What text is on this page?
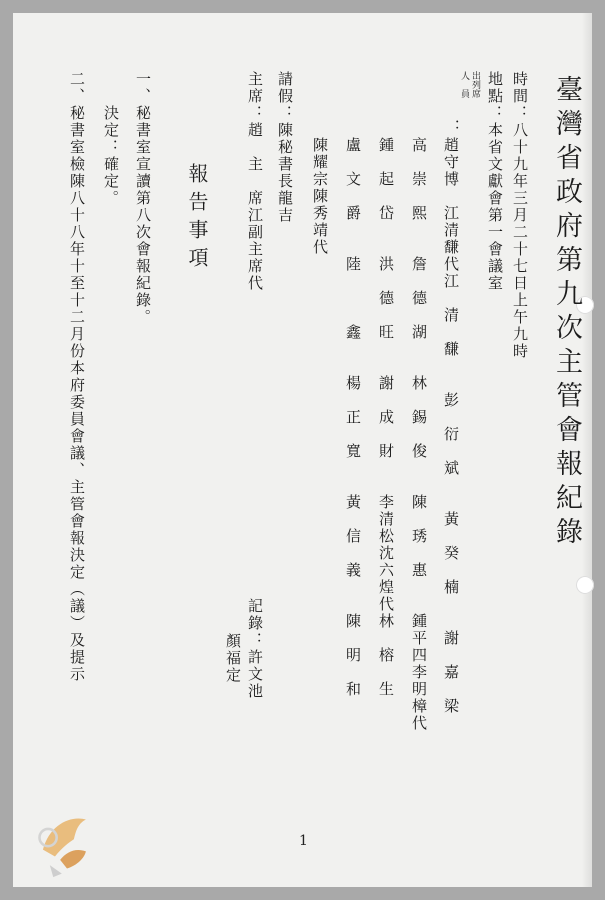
臺灣省政府第九次主管會報紀錄
時間：八十九年三月二十七日上午九時
地點：本省文獻會第一會議室
出列席
人　員
：
趙守博　江清馦代江　清　馦　　彭　衍　斌　　黃　癸　楠　　謝　嘉　梁
高　崇　熙　　詹　德　湖　　林　錫　俊　　陳　琇　惠　　鍾平四李明樟代
鍾　起　岱　　洪　德　旺　　謝　成　財　　李清松沈六煌代林　榕　生
盧　文　爵　　陸　　　鑫　　楊　正　寬　　黃　信　義　　陳　明　和
陳耀宗陳秀靖代
請假：陳秘書長龍吉
主席：趙　主　席江副主席代
記錄：許文池
顏福定
報告事項
一、秘書室宣讀第八次會報紀錄。
決定：確定。
二、秘書室檢陳八十八年十至十二月份本府委員會議、主管會報決定（議）及提示
1
